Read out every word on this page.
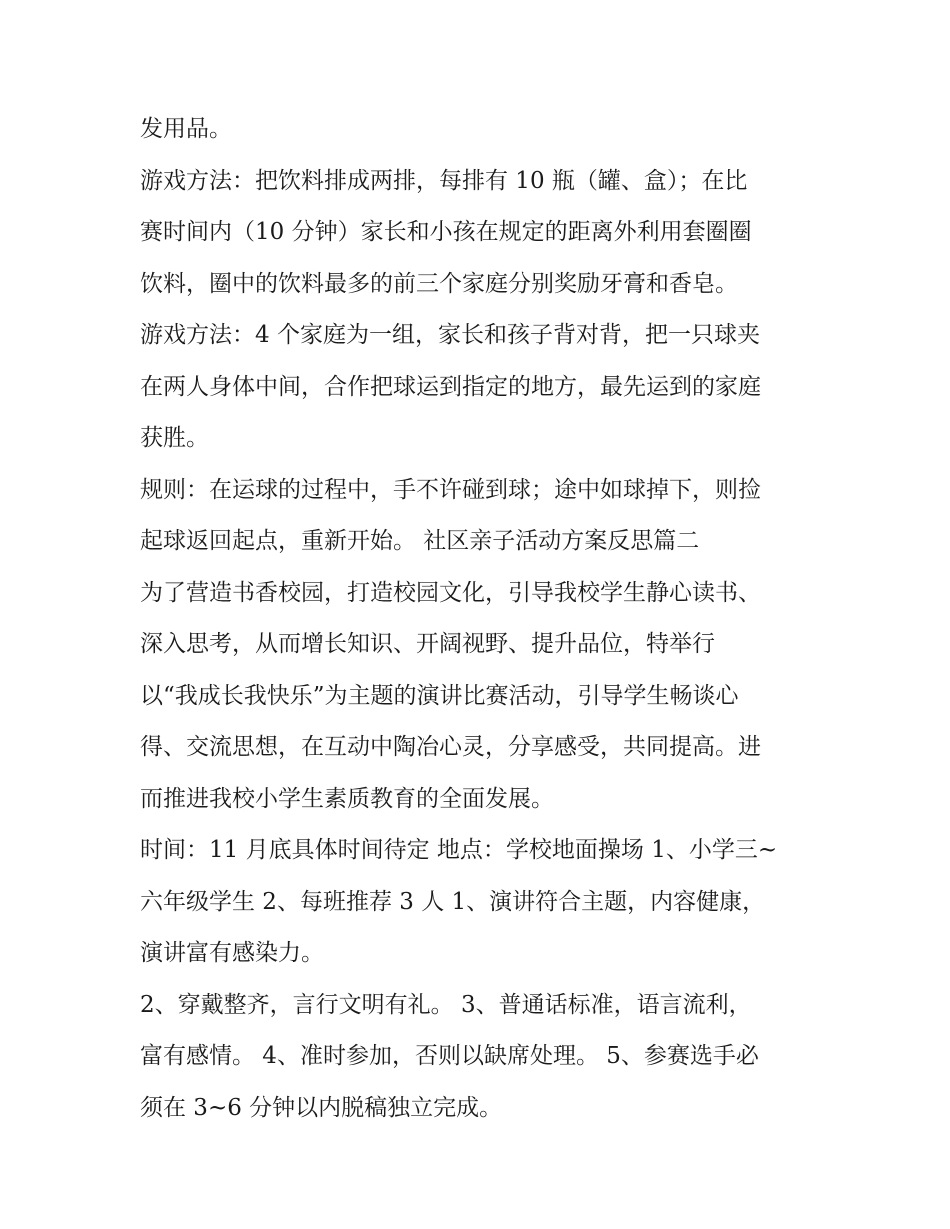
发用品。
游戏方法：把饮料排成两排，每排有 10 瓶（罐、盒）；在比
赛时间内（10 分钟）家长和小孩在规定的距离外利用套圈圈
饮料，圈中的饮料最多的前三个家庭分别奖励牙膏和香皂。
游戏方法：4 个家庭为一组，家长和孩子背对背，把一只球夹
在两人身体中间，合作把球运到指定的地方，最先运到的家庭
获胜。
规则：在运球的过程中，手不许碰到球；途中如球掉下，则捡
起球返回起点，重新开始。 社区亲子活动方案反思篇二
为了营造书香校园，打造校园文化，引导我校学生静心读书、
深入思考，从而增长知识、开阔视野、提升品位，特举行
以“我成长我快乐”为主题的演讲比赛活动，引导学生畅谈心
得、交流思想，在互动中陶冶心灵，分享感受，共同提高。进
而推进我校小学生素质教育的全面发展。
时间：11 月底具体时间待定 地点：学校地面操场 1、小学三~
六年级学生 2、每班推荐 3 人 1、演讲符合主题，内容健康，
演讲富有感染力。
2、穿戴整齐，言行文明有礼。 3、普通话标准，语言流利，
富有感情。 4、准时参加，否则以缺席处理。 5、参赛选手必
须在 3~6 分钟以内脱稿独立完成。
